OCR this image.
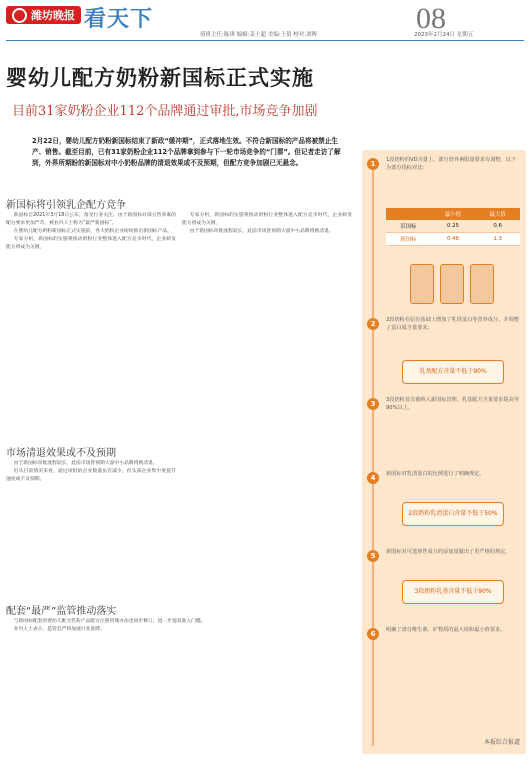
潍坊晚报 看天下	08
值班主任:陈琪 编辑:姜士超 美编:王倩 校对:刘晖	2023年2月24日 星期五
婴幼儿配方奶粉新国标正式实施
目前31家奶粉企业112个品牌通过审批,市场竞争加剧
2月22日，婴幼儿配方奶粉新国标结束了新政“缓冲期”，正式落地生效。不符合新国标的产品将被禁止生产、销售。截至目前，已有31家奶粉企业112个品牌拿到参与下一轮市场竞争的“门票”。但记者走访了解到，外界所期盼的新国标对中小奶粉品牌的清退效果或不及预期，但配方竞争加剧已无悬念。
新国标将引领乳企配方竞争

新国标自2021年3月18日公布，备受行业关注。由于新国标对部分营养素的配方要求更加严苛，被业内人士称为“最严新国标”。

在婴幼儿配方奶粉新国标正式实施前，各大奶粉企业纷纷推出新国标产品。

专家分析，新国标的实施将推动奶粉行业整体进入配方竞争时代，企业研发能力将成为关键。

市场清退效果或不及预期

由于新国标审批流程较长，此前市场曾预期大量中小品牌将被清退。

但从目前情况来看，通过审批的企业数量虽有减少，但头部企业集中度提升速度或不及预期。

配套“最严”监管推动落实

与新国标配套的婴幼儿配方乳粉产品配方注册管理办法也同步修订，进一步提高准入门槛。

业内人士表示，监管趋严将加速行业洗牌。

专家分析，新国标的实施将推动奶粉行业整体进入配方竞争时代，企业研发能力将成为关键。

由于新国标审批流程较长，此前市场曾预期大量中小品牌将被清退。

1	1段奶粉的VD含量上，部分营养素限量要求有调整，以下为部分指标对比：
	最小值	最大值
旧国标	0.25	0.6
新国标	0.48	1.3
2	2段奶粉在原有基础上增加了乳铁蛋白等营养成分，并调整了蛋白质含量要求。
乳基配方含量不低于90%
3	3段奶粉首次被纳入新国标管理，乳基配方含量要求提高至90%以上。
4	新国标对乳清蛋白的比例进行了明确规定。
2段奶粉乳清蛋白含量不低于50%
5	新国标对可选择性成分的添加量做出了更严格的规定。
3段奶粉乳基含量不低于90%
6	明确了部分维生素、矿物质的最大值和最小值要求。
本报综合报道
